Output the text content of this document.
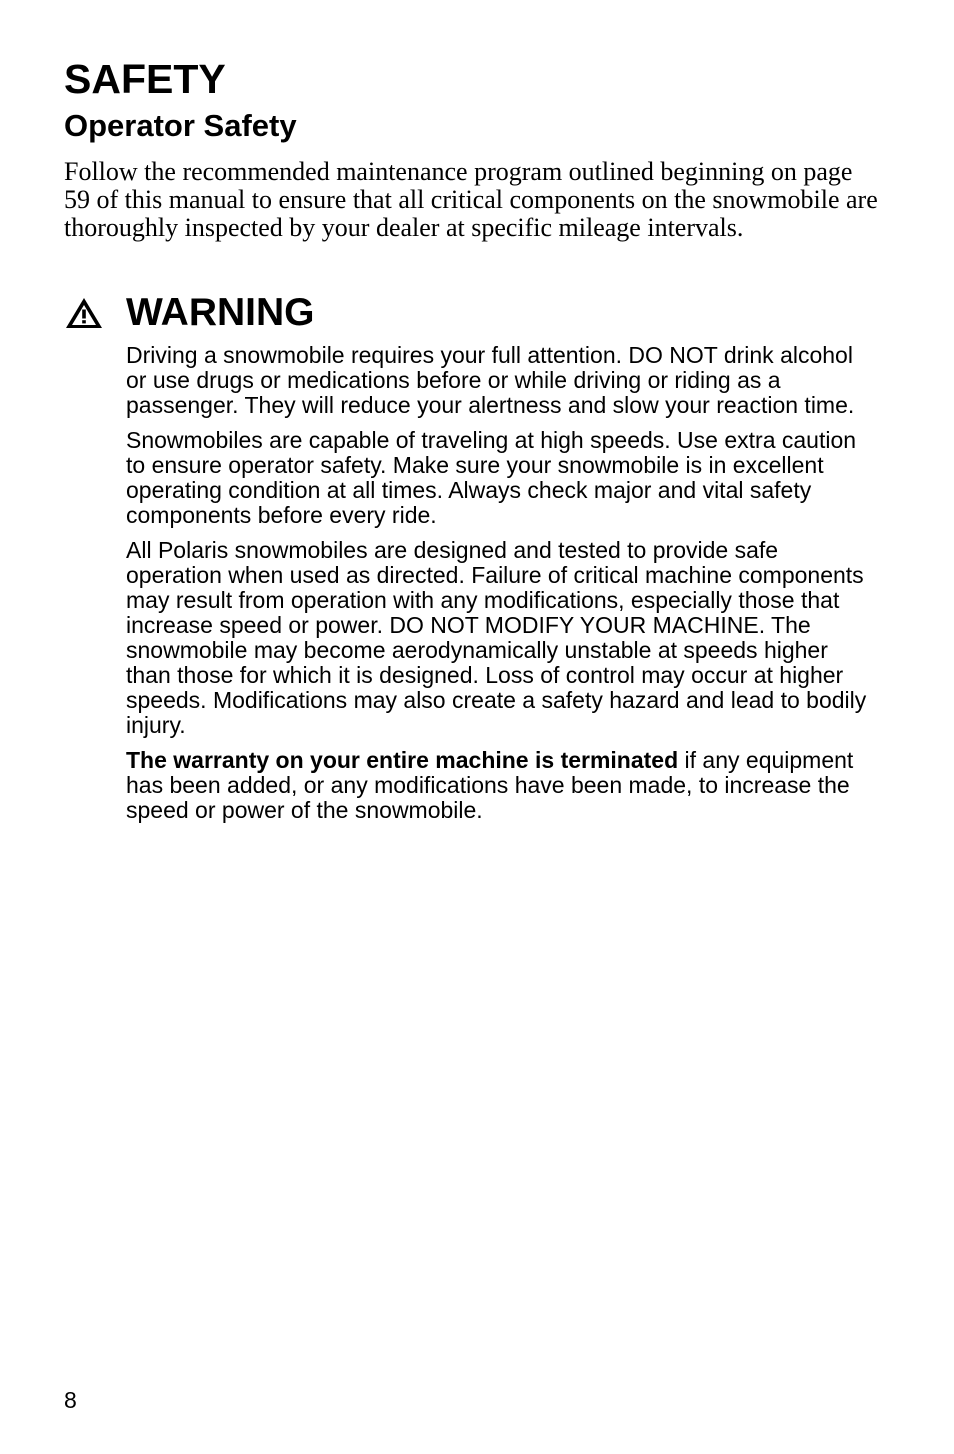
SAFETY
Operator Safety

Follow the recommended maintenance program outlined beginning on page 59 of this manual to ensure that all critical components on the snowmobile are thoroughly inspected by your dealer at specific mileage intervals.

WARNING

Driving a snowmobile requires your full attention. DO NOT drink alcohol or use drugs or medications before or while driving or riding as a passenger. They will reduce your alertness and slow your reaction time.

Snowmobiles are capable of traveling at high speeds. Use extra caution to ensure operator safety. Make sure your snowmobile is in excellent operating condition at all times. Always check major and vital safety components before every ride.

All Polaris snowmobiles are designed and tested to provide safe operation when used as directed. Failure of critical machine components may result from operation with any modifications, especially those that increase speed or power. DO NOT MODIFY YOUR MACHINE. The snowmobile may become aerodynamically unstable at speeds higher than those for which it is designed. Loss of control may occur at higher speeds. Modifications may also create a safety hazard and lead to bodily injury.

The warranty on your entire machine is terminated if any equipment has been added, or any modifications have been made, to increase the speed or power of the snowmobile.

8
